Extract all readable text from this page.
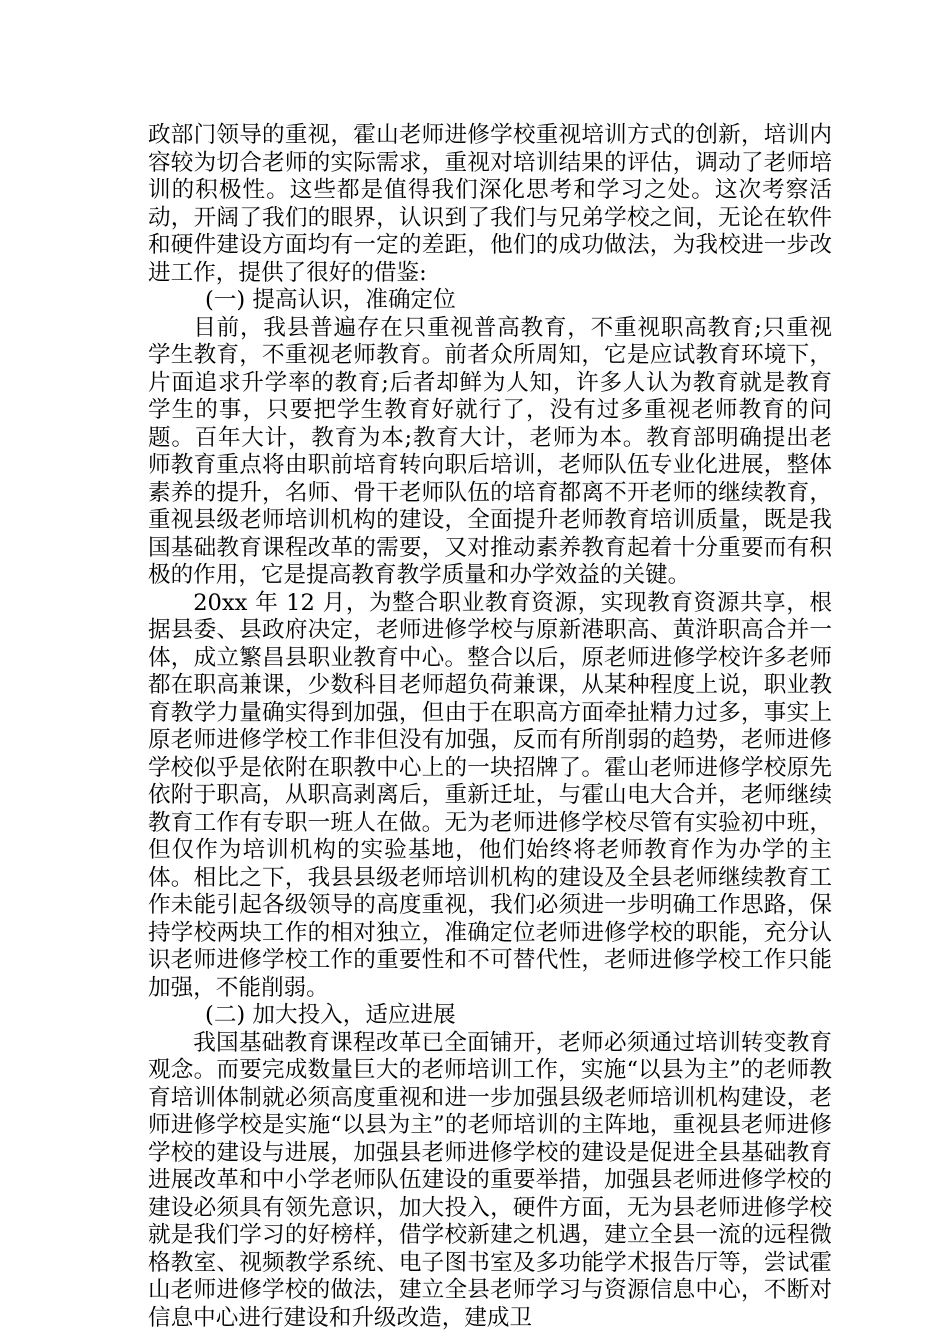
政部门领导的重视，霍山老师进修学校重视培训方式的创新，培训内容较为切合老师的实际需求，重视对培训结果的评估，调动了老师培训的积极性。这些都是值得我们深化思考和学习之处。这次考察活动，开阔了我们的眼界，认识到了我们与兄弟学校之间，无论在软件和硬件建设方面均有一定的差距，他们的成功做法，为我校进一步改进工作，提供了很好的借鉴:

(一) 提高认识，准确定位

目前，我县普遍存在只重视普高教育，不重视职高教育;只重视学生教育，不重视老师教育。前者众所周知，它是应试教育环境下，片面追求升学率的教育;后者却鲜为人知，许多人认为教育就是教育学生的事，只要把学生教育好就行了，没有过多重视老师教育的问题。百年大计，教育为本;教育大计，老师为本。教育部明确提出老师教育重点将由职前培育转向职后培训，老师队伍专业化进展，整体素养的提升，名师、骨干老师队伍的培育都离不开老师的继续教育，重视县级老师培训机构的建设，全面提升老师教育培训质量，既是我国基础教育课程改革的需要，又对推动素养教育起着十分重要而有积极的作用，它是提高教育教学质量和办学效益的关键。

20xx 年 12 月，为整合职业教育资源，实现教育资源共享，根据县委、县政府决定，老师进修学校与原新港职高、黄浒职高合并一体，成立繁昌县职业教育中心。整合以后，原老师进修学校许多老师都在职高兼课，少数科目老师超负荷兼课，从某种程度上说，职业教育教学力量确实得到加强，但由于在职高方面牵扯精力过多，事实上原老师进修学校工作非但没有加强，反而有所削弱的趋势，老师进修学校似乎是依附在职教中心上的一块招牌了。霍山老师进修学校原先依附于职高，从职高剥离后，重新迁址，与霍山电大合并，老师继续教育工作有专职一班人在做。无为老师进修学校尽管有实验初中班，但仅作为培训机构的实验基地，他们始终将老师教育作为办学的主体。相比之下，我县县级老师培训机构的建设及全县老师继续教育工作未能引起各级领导的高度重视，我们必须进一步明确工作思路，保持学校两块工作的相对独立，准确定位老师进修学校的职能，充分认识老师进修学校工作的重要性和不可替代性，老师进修学校工作只能加强，不能削弱。

(二) 加大投入，适应进展

我国基础教育课程改革已全面铺开，老师必须通过培训转变教育观念。而要完成数量巨大的老师培训工作，实施“以县为主”的老师教育培训体制就必须高度重视和进一步加强县级老师培训机构建设，老师进修学校是实施“以县为主”的老师培训的主阵地，重视县老师进修学校的建设与进展，加强县老师进修学校的建设是促进全县基础教育进展改革和中小学老师队伍建设的重要举措，加强县老师进修学校的建设必须具有领先意识，加大投入，硬件方面，无为县老师进修学校就是我们学习的好榜样，借学校新建之机遇，建立全县一流的远程微格教室、视频教学系统、电子图书室及多功能学术报告厅等，尝试霍山老师进修学校的做法，建立全县老师学习与资源信息中心，不断对信息中心进行建设和升级改造，建成卫
